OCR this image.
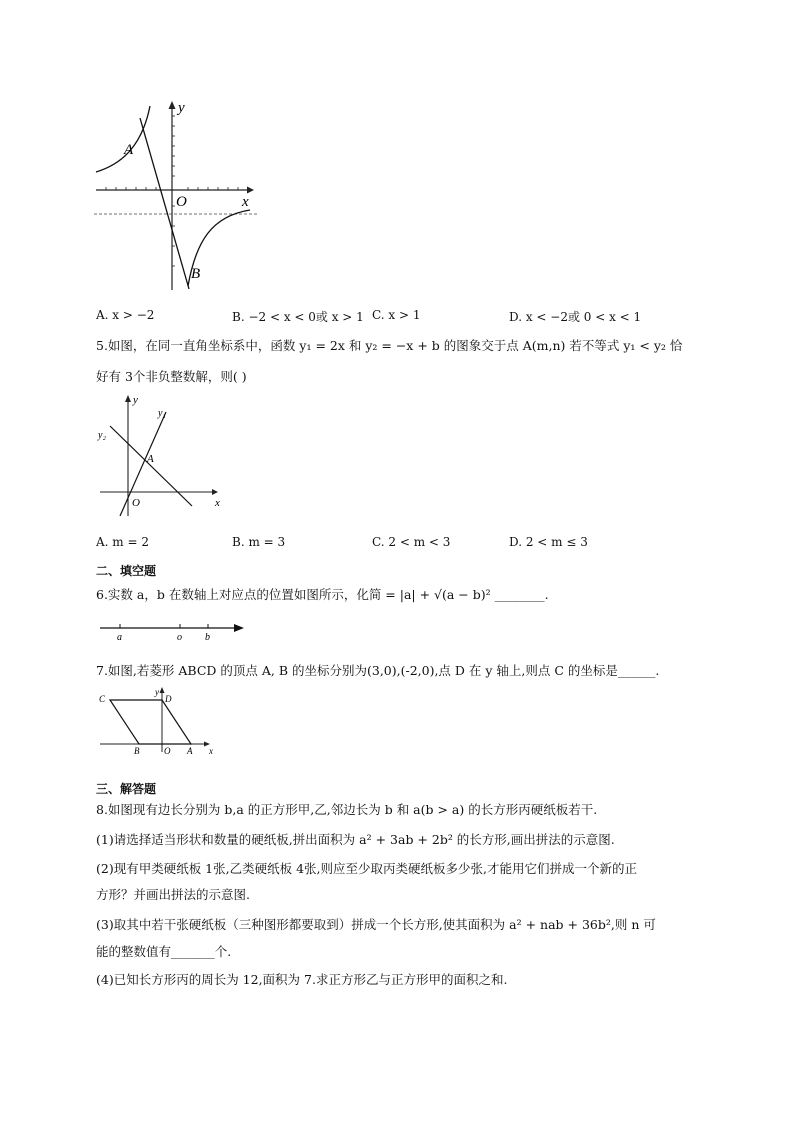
y
x
O
A
B
A. x > −2	B. −2 < x < 0或 x > 1 C. x > 1	D. x < −2或 0 < x < 1
5.如图，在同一直角坐标系中，函数 y₁ = 2x 和 y₂ = −x + b 的图象交于点 A(m,n) 若不等式 y₁ < y₂ 恰
好有 3个非负整数解，则( )
y
x
O
A
y₁
y₂
A. m = 2	B. m = 3	C. 2 < m < 3	D. 2 < m ≤ 3
二、填空题
6.实数 a，b 在数轴上对应点的位置如图所示，化简 = |a| + √(a − b)² ________.
a	o b
7.如图,若菱形 ABCD 的顶点 A, B 的坐标分别为(3,0),(-2,0),点 D 在 y 轴上,则点 C 的坐标是______.
C
y
D
B	O A x
三、解答题
8.如图现有边长分别为 b,a 的正方形甲,乙,邻边长为 b 和 a(b > a) 的长方形丙硬纸板若干.
(1)请选择适当形状和数量的硬纸板,拼出面积为 a² + 3ab + 2b² 的长方形,画出拼法的示意图.
(2)现有甲类硬纸板 1张,乙类硬纸板 4张,则应至少取丙类硬纸板多少张,才能用它们拼成一个新的正
方形？并画出拼法的示意图.
(3)取其中若干张硬纸板（三种图形都要取到）拼成一个长方形,使其面积为 a² + nab + 36b²,则 n 可
能的整数值有_______个.
(4)已知长方形丙的周长为 12,面积为 7.求正方形乙与正方形甲的面积之和.
